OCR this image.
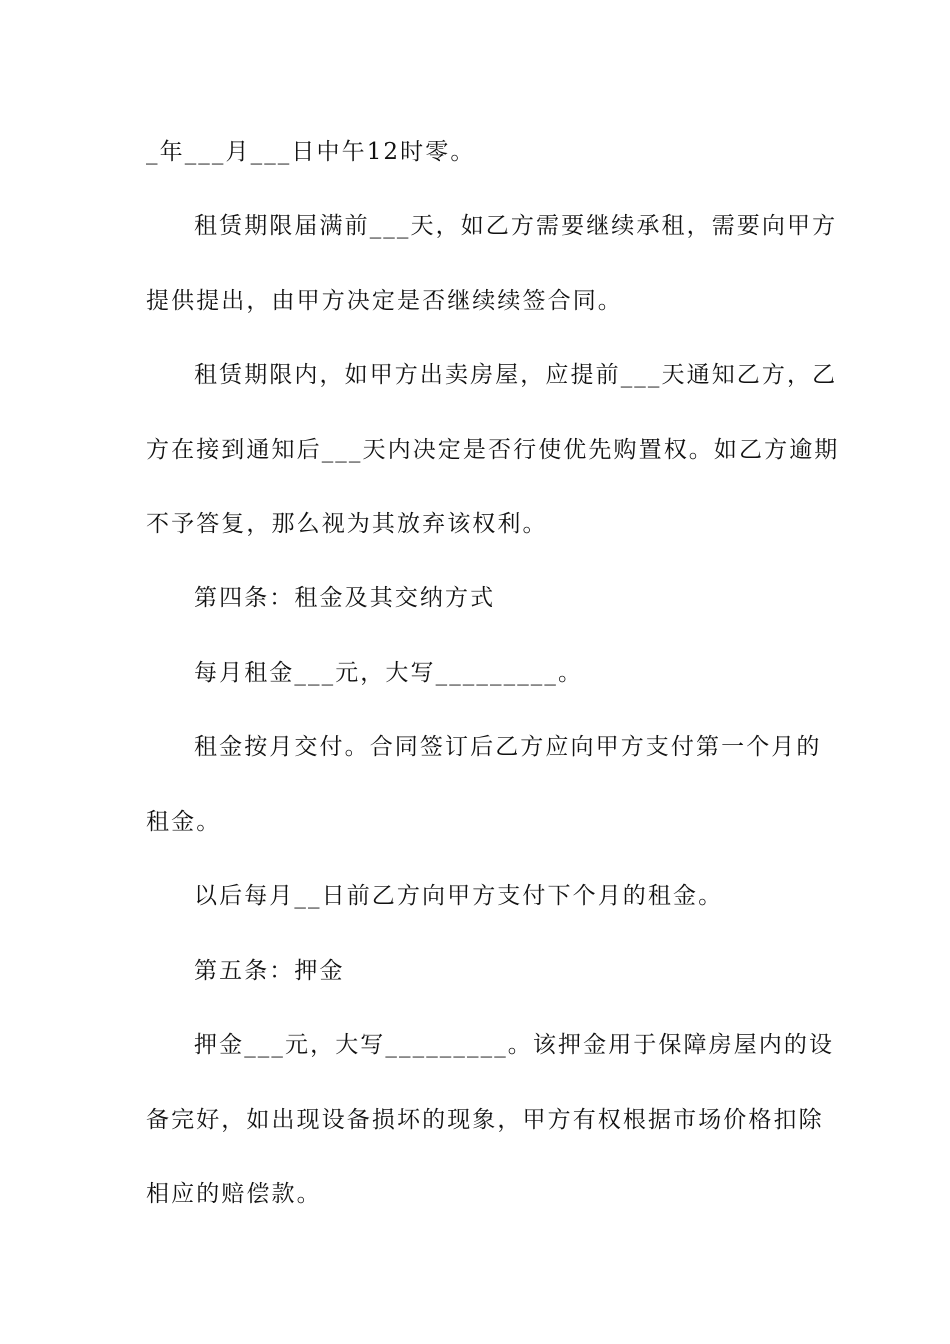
_年___月___日中午12时零。
租赁期限届满前___天，如乙方需要继续承租，需要向甲方
提供提出，由甲方决定是否继续续签合同。
租赁期限内，如甲方出卖房屋，应提前___天通知乙方，乙
方在接到通知后___天内决定是否行使优先购置权。如乙方逾期
不予答复，那么视为其放弃该权利。
第四条：租金及其交纳方式
每月租金___元，大写_________。
租金按月交付。合同签订后乙方应向甲方支付第一个月的
租金。
以后每月__日前乙方向甲方支付下个月的租金。
第五条：押金
押金___元，大写_________。该押金用于保障房屋内的设
备完好，如出现设备损坏的现象，甲方有权根据市场价格扣除
相应的赔偿款。
